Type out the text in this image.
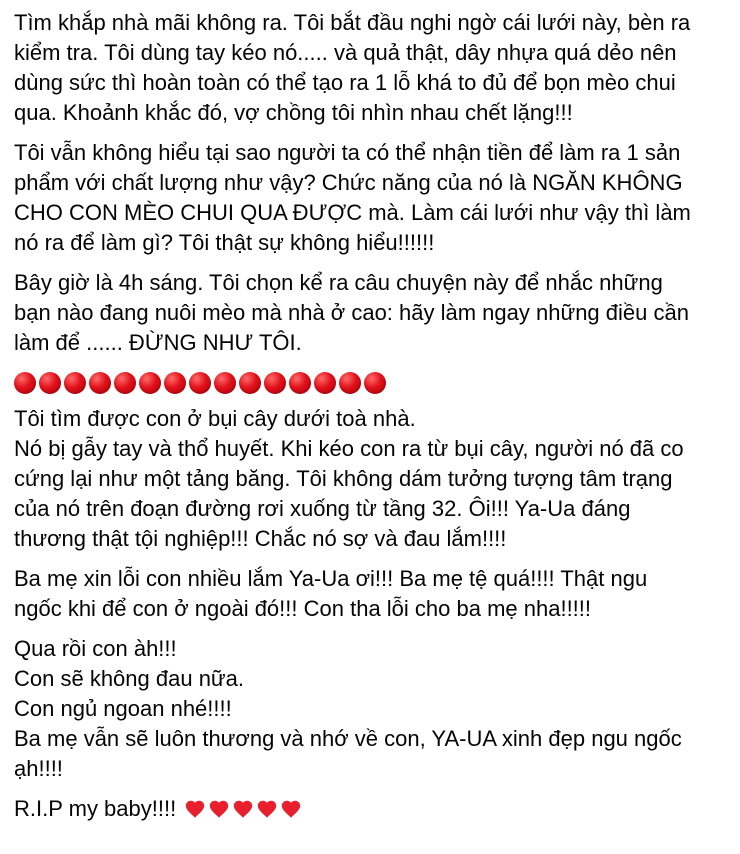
Tìm khắp nhà mãi không ra. Tôi bắt đầu nghi ngờ cái lưới này, bèn ra
kiểm tra. Tôi dùng tay kéo nó..... và quả thật, dây nhựa quá dẻo nên
dùng sức thì hoàn toàn có thể tạo ra 1 lỗ khá to đủ để bọn mèo chui
qua. Khoảnh khắc đó, vợ chồng tôi nhìn nhau chết lặng!!!
Tôi vẫn không hiểu tại sao người ta có thể nhận tiền để làm ra 1 sản
phẩm với chất lượng như vậy? Chức năng của nó là NGĂN KHÔNG
CHO CON MÈO CHUI QUA ĐƯỢC mà. Làm cái lưới như vậy thì làm
nó ra để làm gì? Tôi thật sự không hiểu!!!!!!
Bây giờ là 4h sáng. Tôi chọn kể ra câu chuyện này để nhắc những
bạn nào đang nuôi mèo mà nhà ở cao: hãy làm ngay những điều cần
làm để ...... ĐỪNG NHƯ TÔI.
Tôi tìm được con ở bụi cây dưới toà nhà.
Nó bị gẫy tay và thổ huyết. Khi kéo con ra từ bụi cây, người nó đã co
cứng lại như một tảng băng. Tôi không dám tưởng tượng tâm trạng
của nó trên đoạn đường rơi xuống từ tầng 32. Ôi!!! Ya-Ua đáng
thương thật tội nghiệp!!! Chắc nó sợ và đau lắm!!!!
Ba mẹ xin lỗi con nhiều lắm Ya-Ua ơi!!! Ba mẹ tệ quá!!!! Thật ngu
ngốc khi để con ở ngoài đó!!! Con tha lỗi cho ba mẹ nha!!!!!
Qua rồi con àh!!!
Con sẽ không đau nữa.
Con ngủ ngoan nhé!!!!
Ba mẹ vẫn sẽ luôn thương và nhớ về con, YA-UA xinh đẹp ngu ngốc
ạh!!!!
R.I.P my baby!!!!
